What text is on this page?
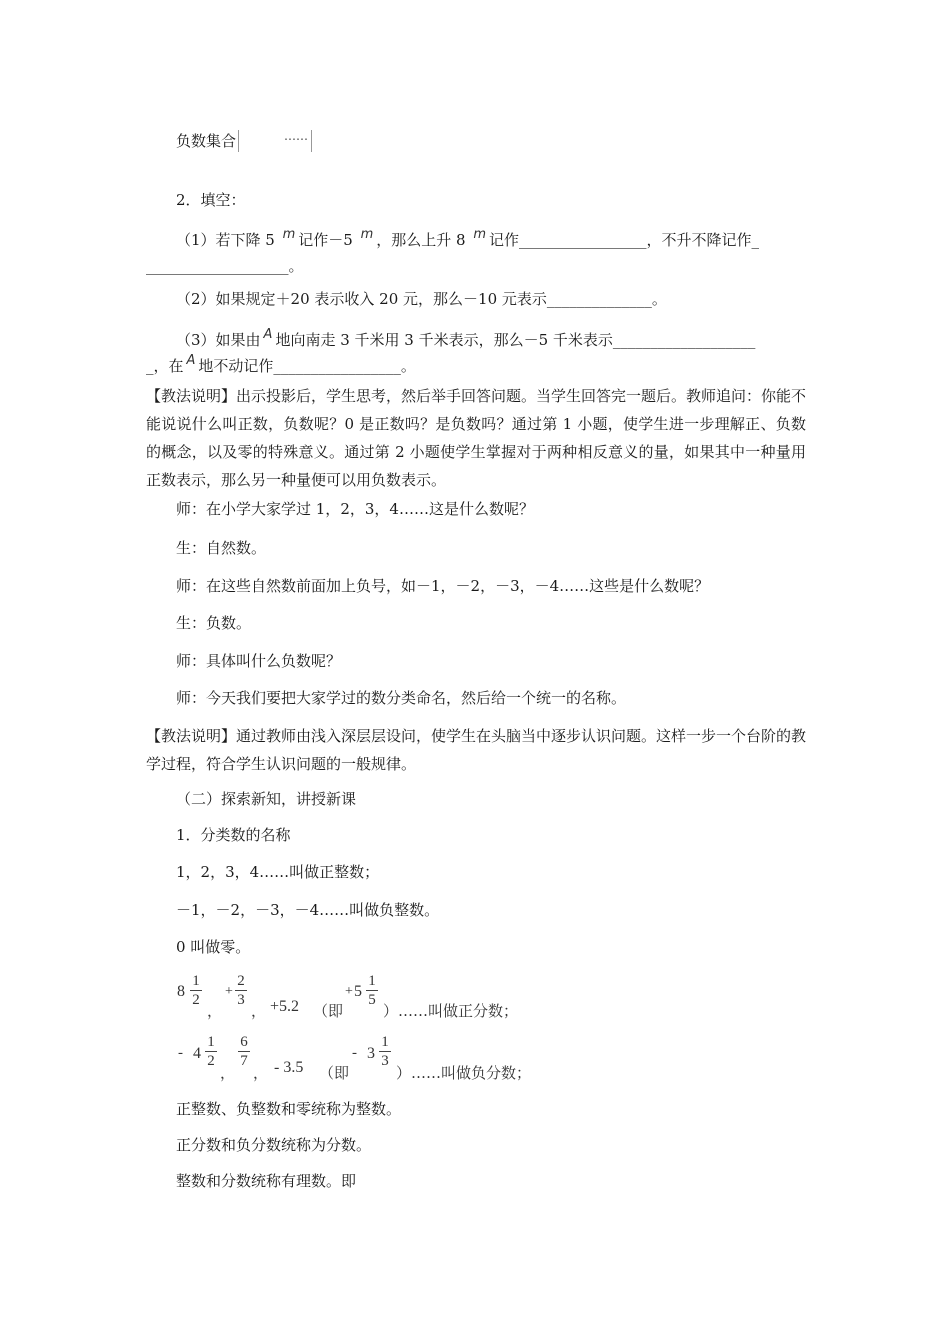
负数集合	……
2．填空：
（1）若下降 5 m 记作－5 m ，那么上升 8 m 记作_________________，不升不降记作_
___________________。
（2）如果规定＋20 表示收入 20 元，那么－10 元表示______________。
（3）如果由 A 地向南走 3 千米用 3 千米表示，那么－5 千米表示___________________
_，在 A 地不动记作_________________。

【教法说明】出示投影后，学生思考，然后举手回答问题。当学生回答完一题后。教师追问：你能不能说说什么叫正数，负数呢？0 是正数吗？是负数吗？通过第 1 小题，使学生进一步理解正、负数的概念，以及零的特殊意义。通过第 2 小题使学生掌握对于两种相反意义的量，如果其中一种量用正数表示，那么另一种量便可以用负数表示。

师：在小学大家学过 1，2，3，4……这是什么数呢？
生：自然数。
师：在这些自然数前面加上负号，如－1，－2，－3，－4……这些是什么数呢？
生：负数。
师：具体叫什么负数呢？
师：今天我们要把大家学过的数分类命名，然后给一个统一的名称。

【教法说明】通过教师由浅入深层层设问，使学生在头脑当中逐步认识问题。这样一步一个台阶的教学过程，符合学生认识问题的一般规律。

（二）探索新知，讲授新课
1．分类数的名称
1，2，3，4……叫做正整数；
－1，－2，－3，－4……叫做负整数。
0 叫做零。
8
1
2
，
+
2
3
， +5.2 （即
+ 5
1
5
）……叫做正分数；
- 4
1
2
，
6
7
， - 3.5 （即
- 3
1
3
）……叫做负分数；
正整数、负整数和零统称为整数。
正分数和负分数统称为分数。
整数和分数统称有理数。即
